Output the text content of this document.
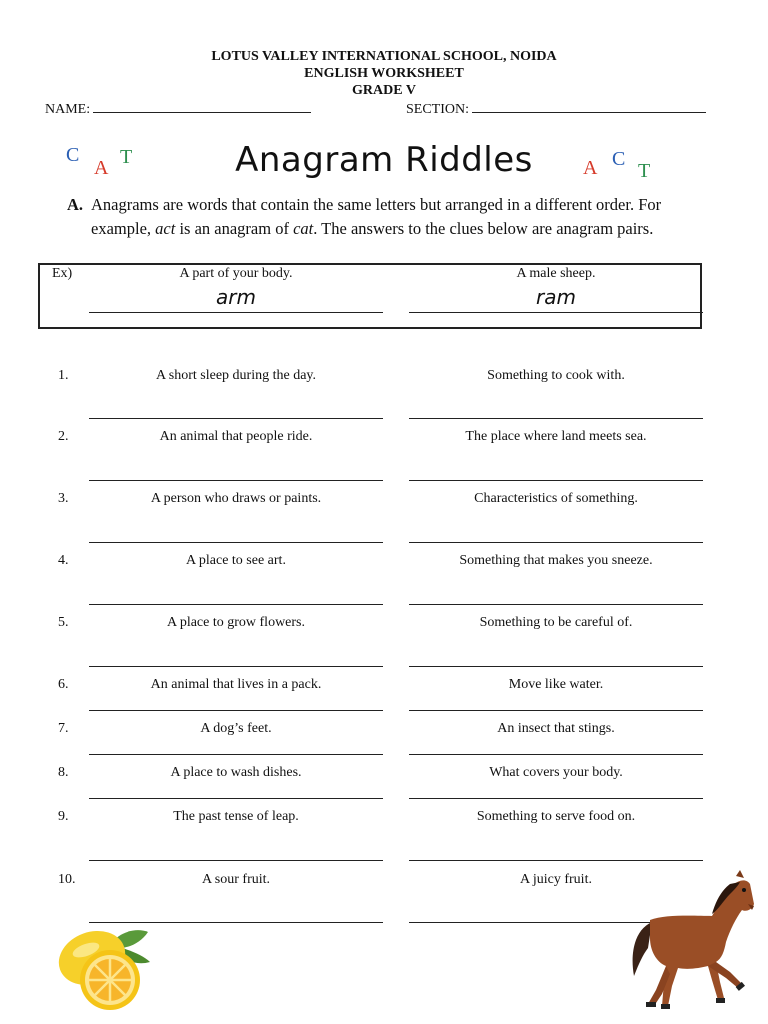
LOTUS VALLEY INTERNATIONAL SCHOOL, NOIDA
ENGLISH WORKSHEET
GRADE V
NAME:	SECTION:
C
A T	A C
T
Anagram Riddles
A. Anagrams are words that contain the same letters but arranged in a different order. For
example, act is an anagram of cat. The answers to the clues below are anagram pairs.
Ex)	A part of your body.	A male sheep.
arm	ram
1.	A short sleep during the day.	Something to cook with.
2.	An animal that people ride.	The place where land meets sea.
3.	A person who draws or paints.	Characteristics of something.
4.	A place to see art.	Something that makes you sneeze.
5.	A place to grow flowers.	Something to be careful of.
6.	An animal that lives in a pack.	Move like water.
7.	A dog’s feet.	An insect that stings.
8.	A place to wash dishes.	What covers your body.
9.	The past tense of leap.	Something to serve food on.
10.	A sour fruit.	A juicy fruit.
